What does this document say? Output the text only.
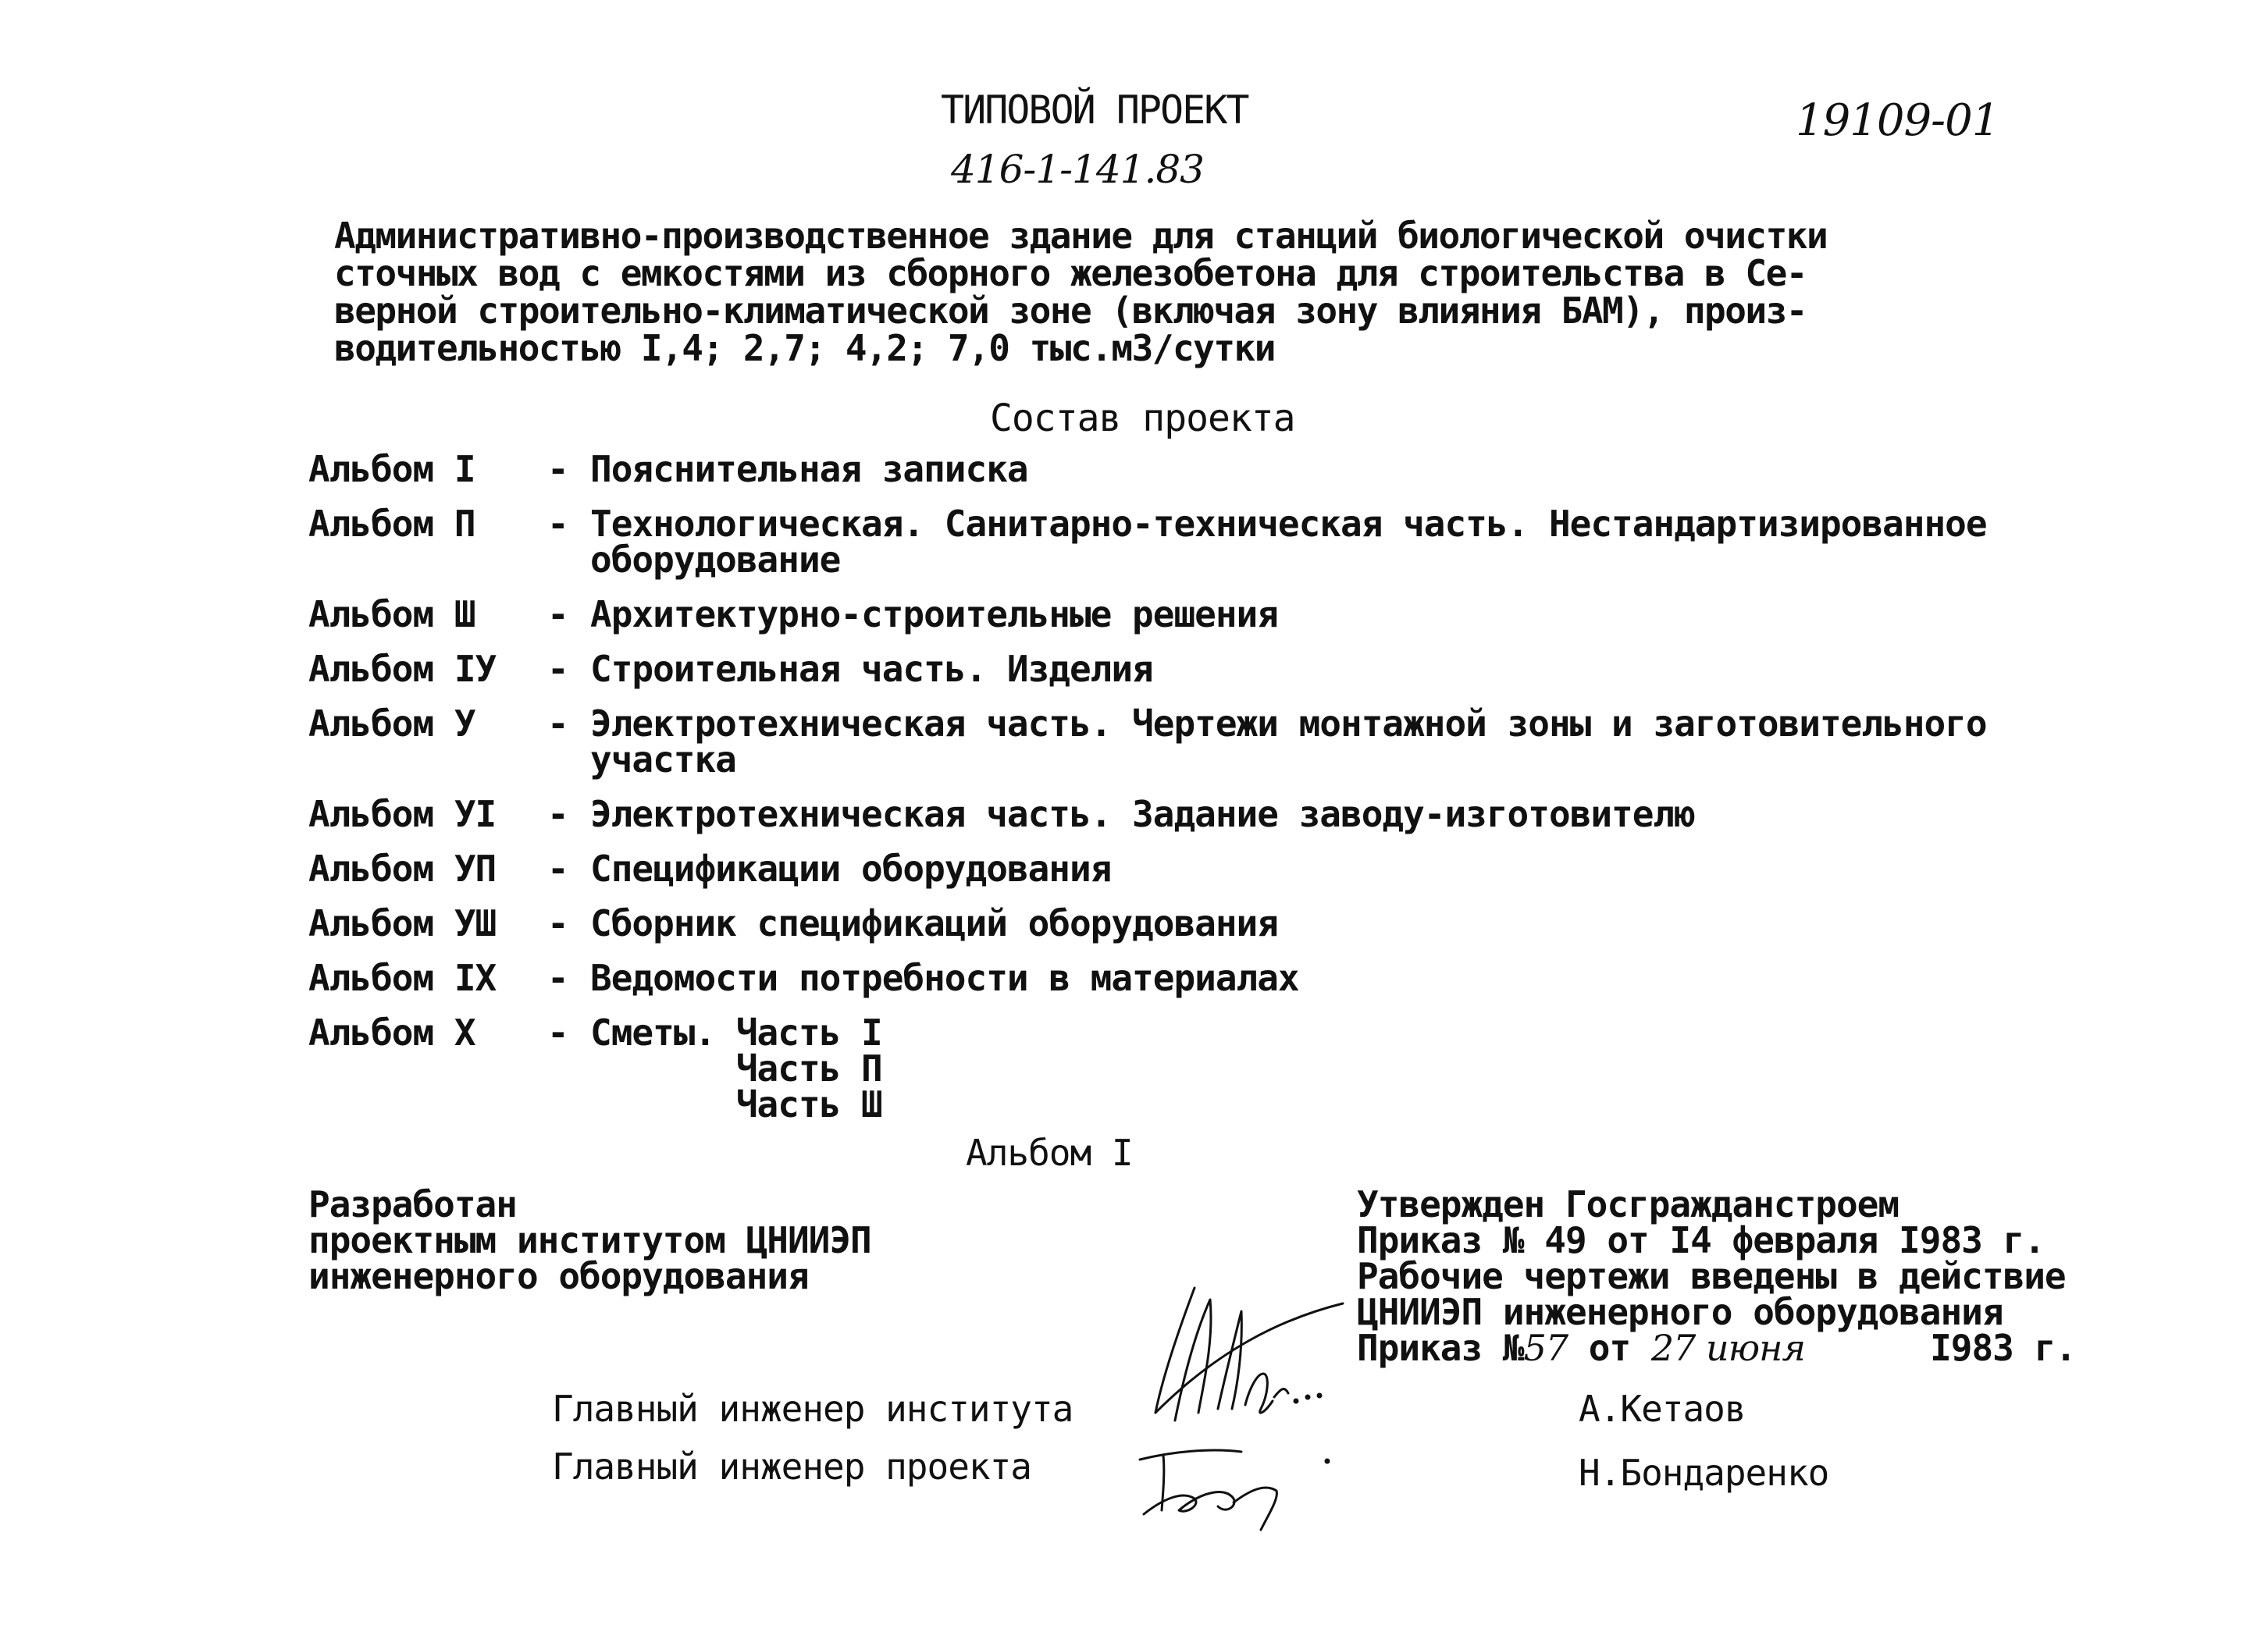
ТИПОВОЙ ПРОЕКТ
416-1-141.83
19109-01
Административно-производственное здание для станций биологической очистки
сточных вод с емкостями из сборного железобетона для строительства в Се-
верной строительно-климатической зоне (включая зону влияния БАМ), произ-
водительностью I,4; 2,7; 4,2; 7,0 тыс.м3/сутки
Состав проекта
Альбом I	- Пояснительная записка
Альбом П	- Технологическая. Санитарно-техническая часть. Нестандартизированное
оборудование
Альбом Ш	- Архитектурно-строительные решения
Альбом IУ	- Строительная часть. Изделия
Альбом У	- Электротехническая часть. Чертежи монтажной зоны и заготовительного
участка
Альбом УI	- Электротехническая часть. Задание заводу-изготовителю
Альбом УП	- Спецификации оборудования
Альбом УШ	- Сборник спецификаций оборудования
Альбом IX	- Ведомости потребности в материалах
Альбом X	- Сметы. Часть I
Часть П
Часть Ш
Альбом I
Разработан
проектным институтом ЦНИИЭП
инженерного оборудования
Утвержден Госгражданстроем
Приказ № 49 от I4 февраля I983 г.
Рабочие чертежи введены в действие
ЦНИИЭП инженерного оборудования
Приказ №57 от 27 июня      I983 г.
Главный инженер института
Главный инженер проекта
А.Кетаов
Н.Бондаренко
